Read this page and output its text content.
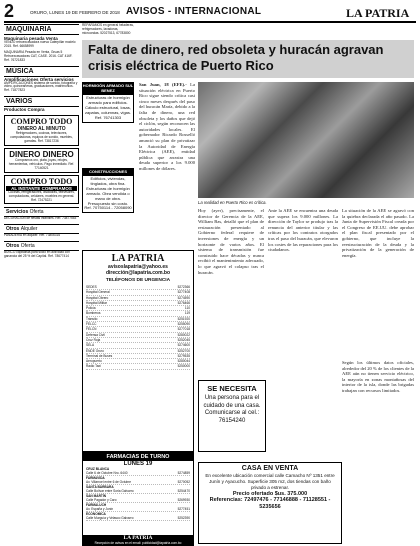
2	ORURO, LUNES 19 DE FEBRERO DE 2018 AVISOS - INTERNACIONAL	LA PATRIA
MAQUINARIA
Maquinaria pesada Venta
VENDO retroexcavadora nueva Caterpillar modelo 2015. Ref. 66658999
MAQUINARIA Pesada en Venta, Gruas 5 Retroexcavadoras CAT, CASE. 2016. CAT 416F. Ref. 76721833
MÚSICA
Amplificaciones Oferta servicios
AMPLIFICACIONES sistema de sonido, fotografía y video, quinceañeras, graduaciones, matrimonios. Ref. 71877823
VARIOS
Productos Compra
COMPRO TODO
DINERO AL MINUTO
Refrigeradores, cocinas, televisores, computadoras, equipos de sonido, muebles, garrafas. Ref. 73817236
DINERO DINERO
Compramos oro, plata, joyas, relojes, herramientas, vehículos. Pago inmediato. Ref. 77140521
COMPRO TODO
AL INSTANTE COMPRAMOS
Cocinas, refrigeradores, lavadoras, televisores, computadoras, celulares, muebles en general. Ref. 72475221
Servicios Oferta
DECORACIÓN de fiestas infantiles. Ref. 73877553
Otros Alquiler
PANADERIA en alquiler. Ref. 73806316
Otros Oferta
BUSCO capitalista para socio en actividad con ganancia del 25 % del Capital. Ref. 78677414
REPARAMOS en general heladeras, refrigeradores, lavadoras, microondas. 52027513, 67783800
Falta de dinero, red obsoleta y huracán agravan crisis eléctrica de Puerto Rico
HORMIGÓN ARMADO SUL BENEZ
Estructuras de hormigón armado para edificios. Cálculo estructural, losas, zapatas, columnas, vigas. Ref. 76741303
CONSTRUCCIONES
Edificios, viviendas, tinglados, obra fina. Estructuras de hormigón armado. Obra vendida o mano de obra. Presupuesto sin costo. Ref. 70750114 - 72058090
San Juan, 18 (EFE).- La situación eléctrica en Puerto Rico sigue siendo crítica casi cinco meses después del paso del huracán María, debido a la falta de dinero, una red obsoleta y los daños que dejó el ciclón, según reconocen las autoridades locales. El gobernador Ricardo Rosselló anunció su plan de privatizar la Autoridad de Energía Eléctrica (AEE), entidad pública que arrastra una deuda superior a los 9.000 millones de dólares.
La realidad en Puerto Rico es crítica.
Hoy (ayer), precisamente, el director de Gerencia de la AEE, William Bas, detalló que el plan de restauración presentado al Gobierno federal requiere de inversiones de energía y un horizonte de varios años. El sistema de transmisión fue construido hace décadas y nunca recibió el mantenimiento adecuado, lo que agravó el colapso tras el huracán.
Ante la AEE se encuentra una deuda que supera los 9.000 millones. La dirección de Taylor se produjo tras la renuncia del anterior titular y las críticas por los contratos otorgados tras el paso del huracán, que elevaron los costes de las reparaciones para los ciudadanos.
La situación de la AEE se agravó con la quiebra declarada el año pasado. La Junta de Supervisión Fiscal creada por el Congreso de EE.UU. debe aprobar el plan fiscal presentado por el gobierno, que incluye la reestructuración de la deuda y la privatización de la generación de energía.
Según los últimos datos oficiales, alrededor del 20 % de los clientes de la AEE aún no tienen servicio eléctrico, la mayoría en zonas montañosas del interior de la isla, donde las brigadas trabajan con recursos limitados.
LA PATRIA
avisoslapatria@yahoo.es
dirección@lapatria.com.bo
TELÉFONOS DE URGENCIA
SEDES	5272366
Hospital General	5277408
Hospital Obrero	5274590
Hospital Militar	5276466
Policía	110
Bomberos	119
Tránsito	5251920
FELCC	5255090
FELCN	5277018
Defensa Civil	5280022
Cruz Roja	5252045
SELA	5274600
ENDE Oruro	5252700
Terminal de Buses	5279535
Aeropuerto	5280044
Radio Taxi	5250000
FARMACIAS DE TURNO
LUNES 19
CRUZ BLANCA
Calle 6 de Octubre Nro. 6440	5274859
FARMAVIDA
Av. Villarroel entre 6 de Octubre	5270052
SANTA BÁRBARA
Calle Bolívar entre Soria Galvarro	5254470
SAN MARTÍN
Calle Pagador y Caro	5269930
FARMALUCH
Av. España y Junín	5277451
ECONOMICA
Calle Murguía y Velasco Galvarro	5252390
LA PATRIA
Recepción de avisos en el email: publicidad@lapatria.com.bo
SE NECESITA
Una persona para el cuidado de una casa. Comunicarse al cel.: 76154240
CASA EN VENTA
En excelente ubicación comercial calle Camacho Nº 1351 entre Junín y Ayacucho. Superficie 305 m2, dos tiendas con baño privado a estrenar.
Precio ofertado $us. 375.000
Referencias: 72497476 - 77146888 - 71128551 - 5235656
